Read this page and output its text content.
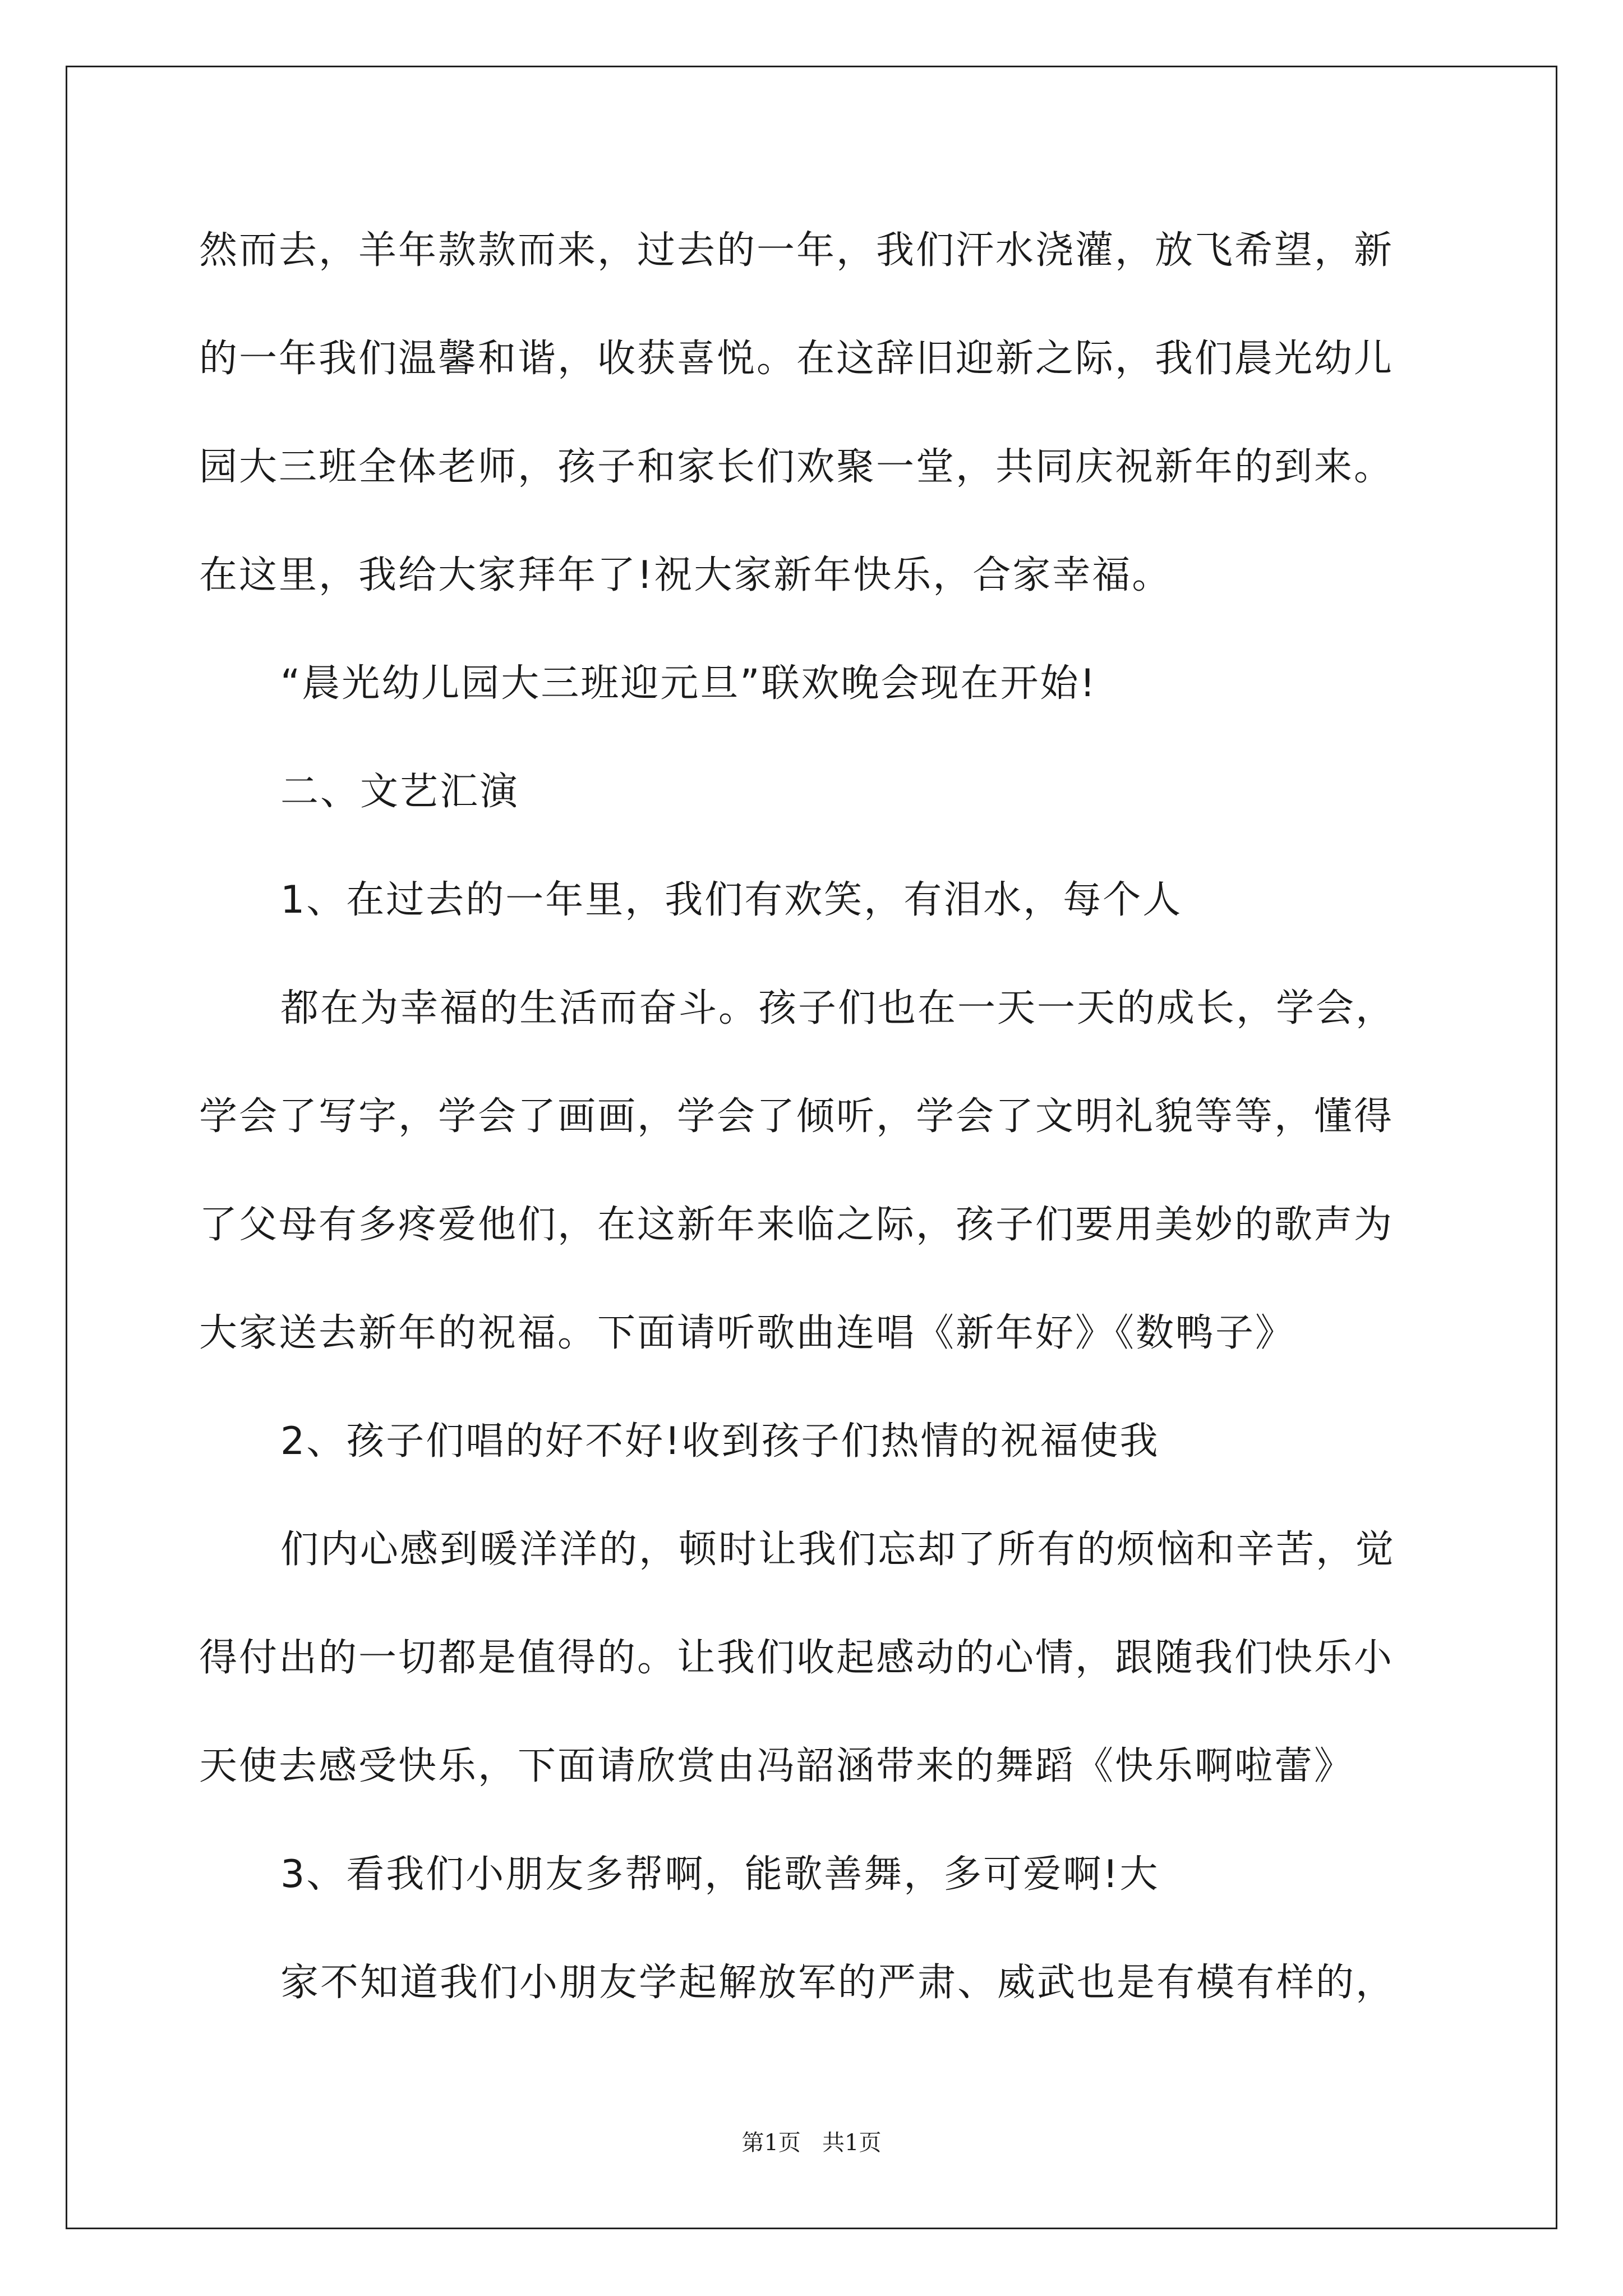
然而去，羊年款款而来，过去的一年，我们汗水浇灌，放飞希望，新
的一年我们温馨和谐，收获喜悦。在这辞旧迎新之际，我们晨光幼儿
园大三班全体老师，孩子和家长们欢聚一堂，共同庆祝新年的到来。
在这里，我给大家拜年了!祝大家新年快乐，合家幸福。
“晨光幼儿园大三班迎元旦”联欢晚会现在开始!
二、文艺汇演
1、在过去的一年里，我们有欢笑，有泪水，每个人
都在为幸福的生活而奋斗。孩子们也在一天一天的成长，学会，
学会了写字，学会了画画，学会了倾听，学会了文明礼貌等等，懂得
了父母有多疼爱他们，在这新年来临之际，孩子们要用美妙的歌声为
大家送去新年的祝福。下面请听歌曲连唱《新年好》《数鸭子》
2、孩子们唱的好不好!收到孩子们热情的祝福使我
们内心感到暖洋洋的，顿时让我们忘却了所有的烦恼和辛苦，觉
得付出的一切都是值得的。让我们收起感动的心情，跟随我们快乐小
天使去感受快乐，下面请欣赏由冯韶涵带来的舞蹈《快乐啊啦蕾》
3、看我们小朋友多帮啊，能歌善舞，多可爱啊!大
家不知道我们小朋友学起解放军的严肃、威武也是有模有样的，
第1页   共1页
